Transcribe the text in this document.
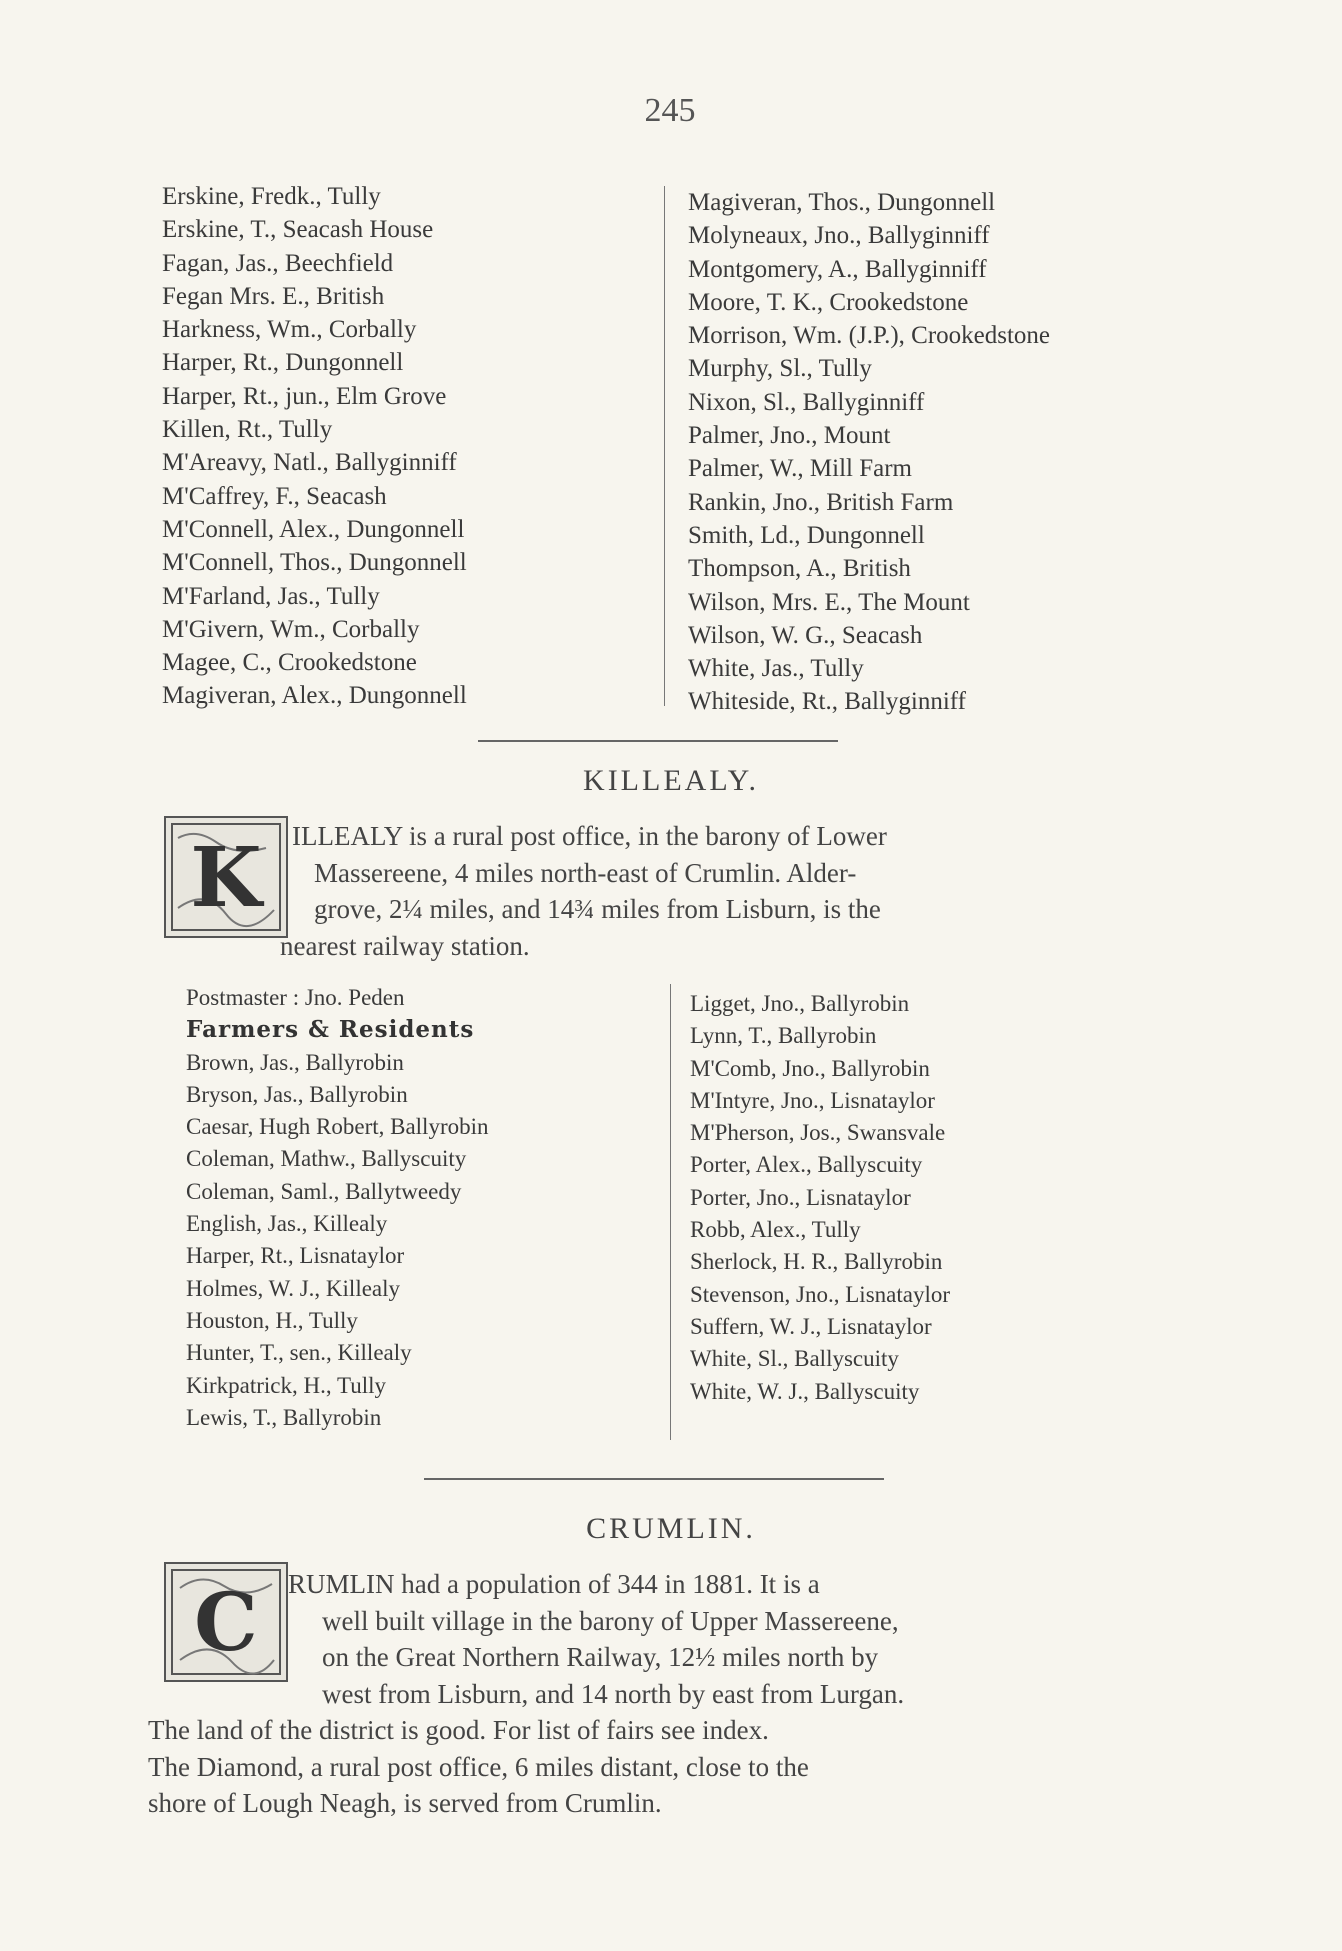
245
Erskine, Fredk., Tully
Erskine, T., Seacash House
Fagan, Jas., Beechfield
Fegan Mrs. E., British
Harkness, Wm., Corbally
Harper, Rt., Dungonnell
Harper, Rt., jun., Elm Grove
Killen, Rt., Tully
M'Areavy, Natl., Ballyginniff
M'Caffrey, F., Seacash
M'Connell, Alex., Dungonnell
M'Connell, Thos., Dungonnell
M'Farland, Jas., Tully
M'Givern, Wm., Corbally
Magee, C., Crookedstone
Magiveran, Alex., Dungonnell
Magiveran, Thos., Dungonnell
Molyneaux, Jno., Ballyginniff
Montgomery, A., Ballyginniff
Moore, T. K., Crookedstone
Morrison, Wm. (J.P.), Crookedstone
Murphy, Sl., Tully
Nixon, Sl., Ballyginniff
Palmer, Jno., Mount
Palmer, W., Mill Farm
Rankin, Jno., British Farm
Smith, Ld., Dungonnell
Thompson, A., British
Wilson, Mrs. E., The Mount
Wilson, W. G., Seacash
White, Jas., Tully
Whiteside, Rt., Ballyginniff
KILLEALY.
K ILLEALY is a rural post office, in the barony of Lower
Massereene, 4 miles north-east of Crumlin. Alder-
grove, 2¼ miles, and 14¾ miles from Lisburn, is the
nearest railway station.
Postmaster : Jno. Peden
Farmers & Residents
Brown, Jas., Ballyrobin
Bryson, Jas., Ballyrobin
Caesar, Hugh Robert, Ballyrobin
Coleman, Mathw., Ballyscuity
Coleman, Saml., Ballytweedy
English, Jas., Killealy
Harper, Rt., Lisnataylor
Holmes, W. J., Killealy
Houston, H., Tully
Hunter, T., sen., Killealy
Kirkpatrick, H., Tully
Lewis, T., Ballyrobin
Ligget, Jno., Ballyrobin
Lynn, T., Ballyrobin
M'Comb, Jno., Ballyrobin
M'Intyre, Jno., Lisnataylor
M'Pherson, Jos., Swansvale
Porter, Alex., Ballyscuity
Porter, Jno., Lisnataylor
Robb, Alex., Tully
Sherlock, H. R., Ballyrobin
Stevenson, Jno., Lisnataylor
Suffern, W. J., Lisnataylor
White, Sl., Ballyscuity
White, W. J., Ballyscuity
CRUMLIN.
C RUMLIN had a population of 344 in 1881. It is a
well built village in the barony of Upper Massereene,
on the Great Northern Railway, 12½ miles north by
west from Lisburn, and 14 north by east from Lurgan.
The land of the district is good. For list of fairs see index.
The Diamond, a rural post office, 6 miles distant, close to the
shore of Lough Neagh, is served from Crumlin.
